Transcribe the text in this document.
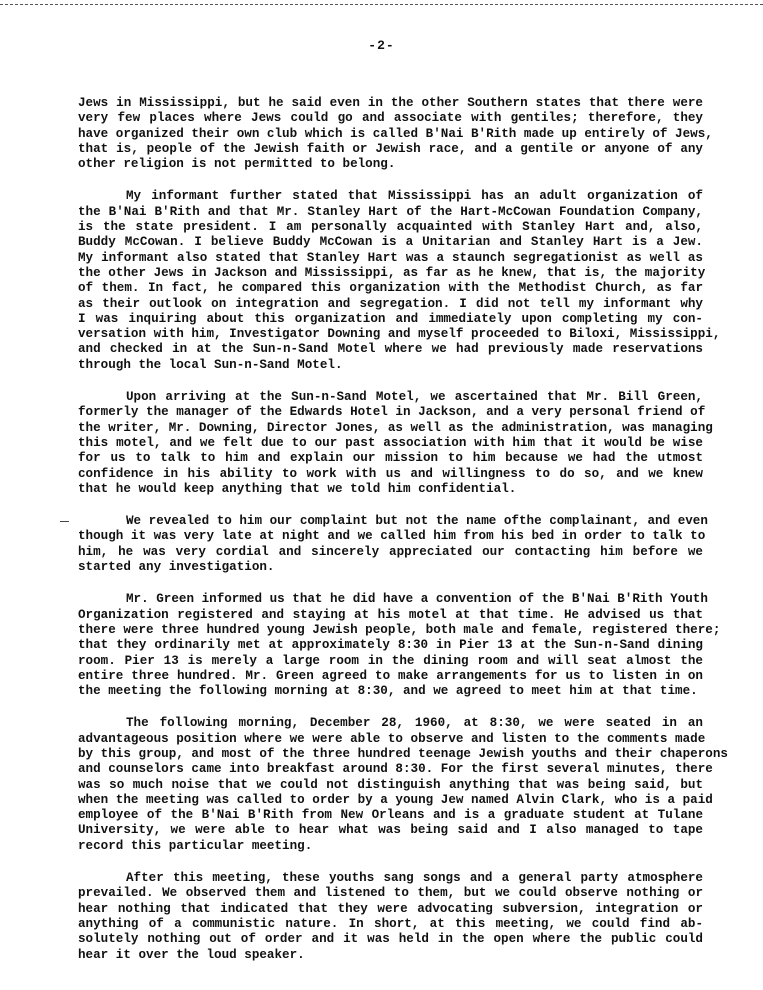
-2-
Jews in Mississippi, but he said even in the other Southern states that there were
very few places where Jews could go and associate with gentiles; therefore, they
have organized their own club which is called B'Nai B'Rith made up entirely of Jews,
that is, people of the Jewish faith or Jewish race, and a gentile or anyone of any
other religion is not permitted to belong.
My informant further stated that Mississippi has an adult organization of
the B'Nai B'Rith and that Mr. Stanley Hart of the Hart-McCowan Foundation Company,
is the state president. I am personally acquainted with Stanley Hart and, also,
Buddy McCowan. I believe Buddy McCowan is a Unitarian and Stanley Hart is a Jew.
My informant also stated that Stanley Hart was a staunch segregationist as well as
the other Jews in Jackson and Mississippi, as far as he knew, that is, the majority
of them. In fact, he compared this organization with the Methodist Church, as far
as their outlook on integration and segregation. I did not tell my informant why
I was inquiring about this organization and immediately upon completing my con-
versation with him, Investigator Downing and myself proceeded to Biloxi, Mississippi,
and checked in at the Sun-n-Sand Motel where we had previously made reservations
through the local Sun-n-Sand Motel.
Upon arriving at the Sun-n-Sand Motel, we ascertained that Mr. Bill Green,
formerly the manager of the Edwards Hotel in Jackson, and a very personal friend of
the writer, Mr. Downing, Director Jones, as well as the administration, was managing
this motel, and we felt due to our past association with him that it would be wise
for us to talk to him and explain our mission to him because we had the utmost
confidence in his ability to work with us and willingness to do so, and we knew
that he would keep anything that we told him confidential.
We revealed to him our complaint but not the name ofthe complainant, and even
though it was very late at night and we called him from his bed in order to talk to
him, he was very cordial and sincerely appreciated our contacting him before we
started any investigation.
Mr. Green informed us that he did have a convention of the B'Nai B'Rith Youth
Organization registered and staying at his motel at that time. He advised us that
there were three hundred young Jewish people, both male and female, registered there;
that they ordinarily met at approximately 8:30 in Pier 13 at the Sun-n-Sand dining
room. Pier 13 is merely a large room in the dining room and will seat almost the
entire three hundred. Mr. Green agreed to make arrangements for us to listen in on
the meeting the following morning at 8:30, and we agreed to meet him at that time.
The following morning, December 28, 1960, at 8:30, we were seated in an
advantageous position where we were able to observe and listen to the comments made
by this group, and most of the three hundred teenage Jewish youths and their chaperons
and counselors came into breakfast around 8:30. For the first several minutes, there
was so much noise that we could not distinguish anything that was being said, but
when the meeting was called to order by a young Jew named Alvin Clark, who is a paid
employee of the B'Nai B'Rith from New Orleans and is a graduate student at Tulane
University, we were able to hear what was being said and I also managed to tape
record this particular meeting.
After this meeting, these youths sang songs and a general party atmosphere
prevailed. We observed them and listened to them, but we could observe nothing or
hear nothing that indicated that they were advocating subversion, integration or
anything of a communistic nature. In short, at this meeting, we could find ab-
solutely nothing out of order and it was held in the open where the public could
hear it over the loud speaker.
